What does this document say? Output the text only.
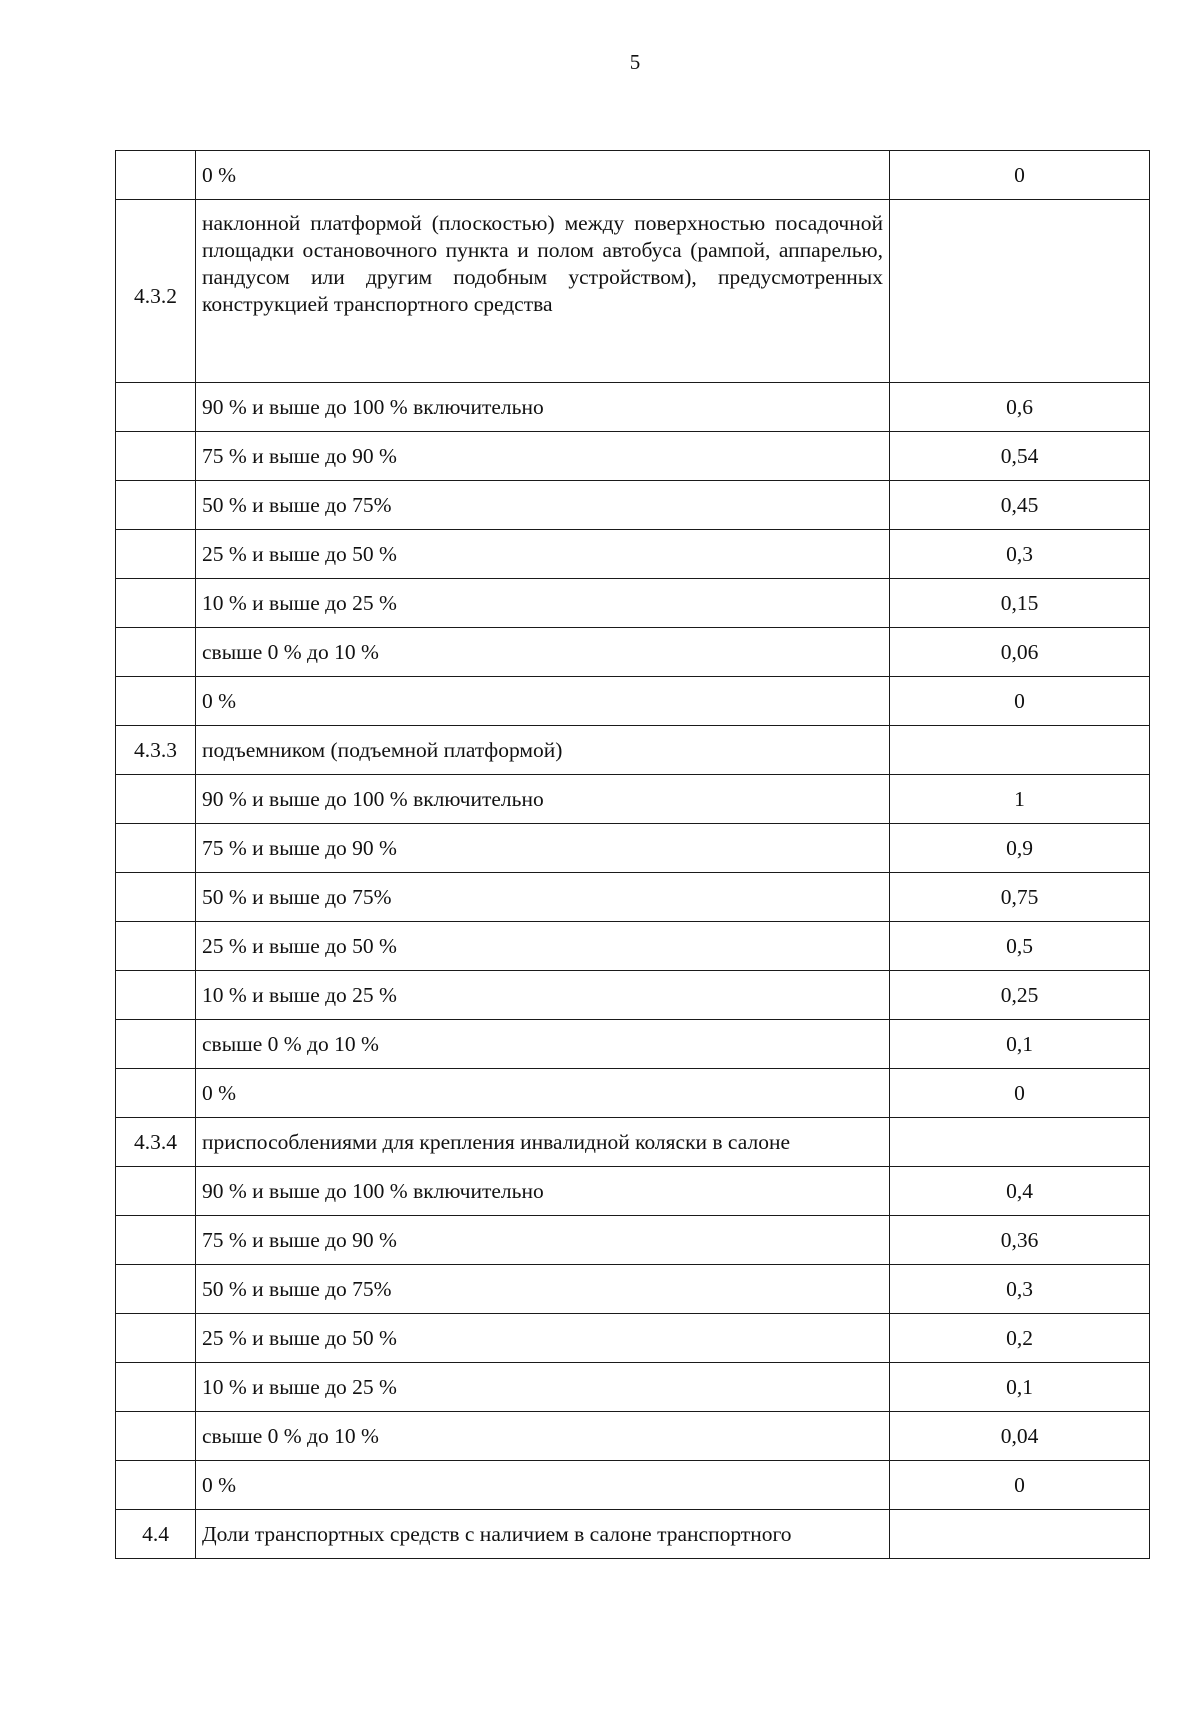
5
	0 %	0
4.3.2	наклонной платформой (плоскостью) между поверхностью посадочной площадки остановочного пункта и полом автобуса (рампой, аппарелью, пандусом или другим подобным устройством), предусмотренных конструкцией транспортного средства	
	90 % и выше до 100 % включительно	0,6
	75 % и выше до 90 %	0,54
	50 % и выше до 75%	0,45
	25 % и выше до 50 %	0,3
	10 % и выше до 25 %	0,15
	свыше 0 % до 10 %	0,06
	0 %	0
4.3.3	подъемником (подъемной платформой)	
	90 % и выше до 100 % включительно	1
	75 % и выше до 90 %	0,9
	50 % и выше до 75%	0,75
	25 % и выше до 50 %	0,5
	10 % и выше до 25 %	0,25
	свыше 0 % до 10 %	0,1
	0 %	0
4.3.4	приспособлениями для крепления инвалидной коляски в салоне	
	90 % и выше до 100 % включительно	0,4
	75 % и выше до 90 %	0,36
	50 % и выше до 75%	0,3
	25 % и выше до 50 %	0,2
	10 % и выше до 25 %	0,1
	свыше 0 % до 10 %	0,04
	0 %	0
4.4	Доли транспортных средств с наличием в салоне транспортного	
